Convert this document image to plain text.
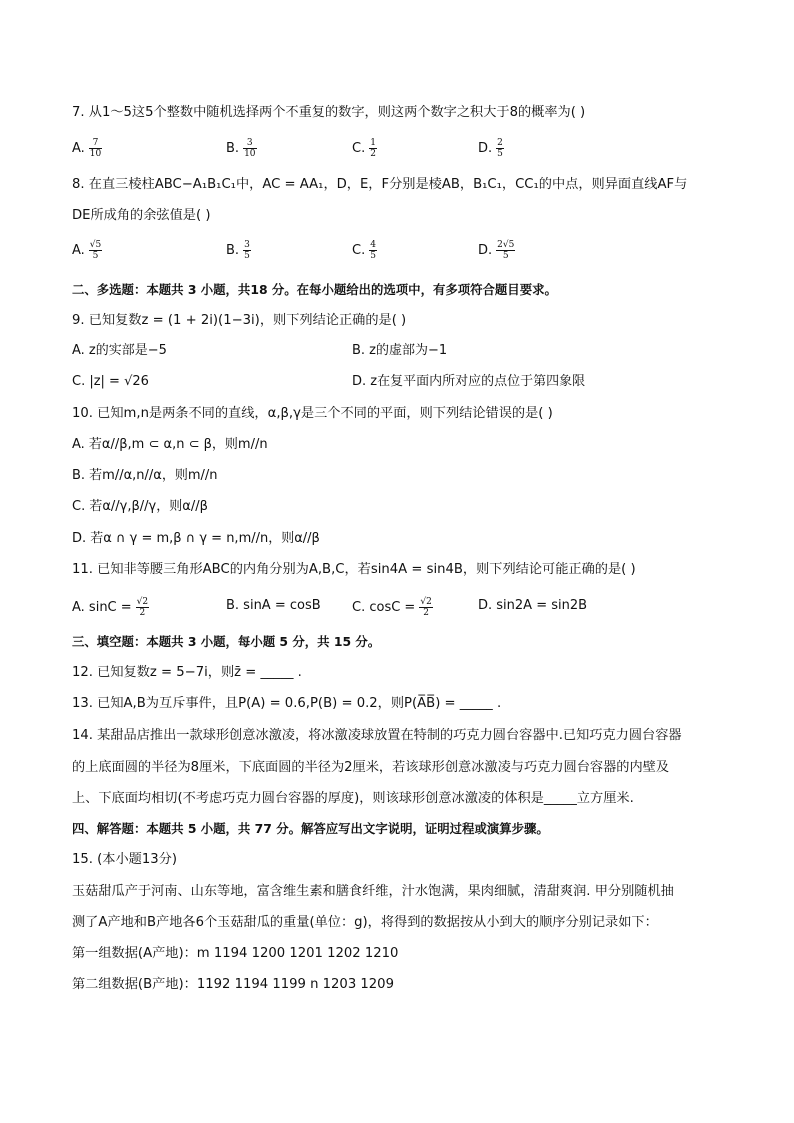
7. 从1～5这5个整数中随机选择两个不重复的数字，则这两个数字之积大于8的概率为( )
A. $\frac{7}{10}$	B. $\frac{3}{10}$	C. $\frac{1}{2}$	D. $\frac{2}{5}$
8. 在直三棱柱ABC−A₁B₁C₁中，AC = AA₁，D，E，F分别是棱AB，B₁C₁，CC₁的中点，则异面直线AF与
DE所成角的余弦值是( )
A. $\frac{√5}{5}$	B. $\frac{3}{5}$	C. $\frac{4}{5}$	D. $\frac{2√5}{5}$
二、多选题：本题共 3 小题，共18 分。在每小题给出的选项中，有多项符合题目要求。
9. 已知复数z = (1 + 2i)(1−3i)，则下列结论正确的是( )
A. z的实部是−5	B. z的虚部为−1
C. |z| = √26	D. z在复平面内所对应的点位于第四象限
10. 已知m,n是两条不同的直线，α,β,γ是三个不同的平面，则下列结论错误的是( )
A. 若α//β,m ⊂ α,n ⊂ β，则m//n
B. 若m//α,n//α，则m//n
C. 若α//γ,β//γ，则α//β
D. 若α ∩ γ = m,β ∩ γ = n,m//n，则α//β
11. 已知非等腰三角形ABC的内角分别为A,B,C，若sin4A = sin4B，则下列结论可能正确的是( )
A. $\sin C = \frac{√2}{2}$	B. sinA = cosB C. $\cos C = \frac{√2}{2}$	D. sin2A = sin2B
三、填空题：本题共 3 小题，每小题 5 分，共 15 分。
12. 已知复数z = 5−7i，则z̄ = _____ .
13. 已知A,B为互斥事件，且P(A) = 0.6,P(B) = 0.2，则P(A̅B̅) = _____ .
14. 某甜品店推出一款球形创意冰激凌，将冰激凌球放置在特制的巧克力圆台容器中.已知巧克力圆台容器
的上底面圆的半径为8厘米，下底面圆的半径为2厘米，若该球形创意冰激凌与巧克力圆台容器的内壁及
上、下底面均相切(不考虑巧克力圆台容器的厚度)，则该球形创意冰激凌的体积是_____立方厘米.
四、解答题：本题共 5 小题，共 77 分。解答应写出文字说明，证明过程或演算步骤。
15. (本小题13分)
玉菇甜瓜产于河南、山东等地，富含维生素和膳食纤维，汁水饱满，果肉细腻，清甜爽润. 甲分别随机抽
测了A产地和B产地各6个玉菇甜瓜的重量(单位：g)，将得到的数据按从小到大的顺序分别记录如下：
第一组数据(A产地)：m 1194 1200 1201 1202 1210
第二组数据(B产地)：1192 1194 1199 n 1203 1209
